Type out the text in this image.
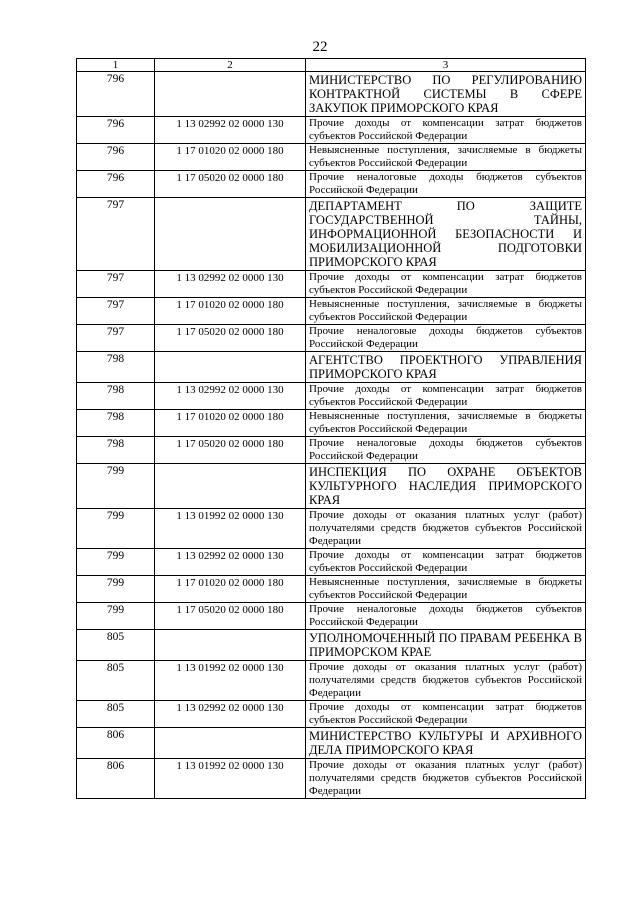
22
1	2	3
796		МИНИСТЕРСТВО ПО РЕГУЛИРОВАНИЮ КОНТРАКТНОЙ СИСТЕМЫ В СФЕРЕ ЗАКУПОК ПРИМОРСКОГО КРАЯ
796	1 13 02992 02 0000 130	Прочие доходы от компенсации затрат бюджетов субъектов Российской Федерации
796	1 17 01020 02 0000 180	Невыясненные поступления, зачисляемые в бюджеты субъектов Российской Федерации
796	1 17 05020 02 0000 180	Прочие неналоговые доходы бюджетов субъектов Российской Федерации
797		ДЕПАРТАМЕНТ ПО ЗАЩИТЕ ГОСУДАРСТВЕННОЙ ТАЙНЫ, ИНФОРМАЦИОННОЙ БЕЗОПАСНОСТИ И МОБИЛИЗАЦИОННОЙ ПОДГОТОВКИ ПРИМОРСКОГО КРАЯ
797	1 13 02992 02 0000 130	Прочие доходы от компенсации затрат бюджетов субъектов Российской Федерации
797	1 17 01020 02 0000 180	Невыясненные поступления, зачисляемые в бюджеты субъектов Российской Федерации
797	1 17 05020 02 0000 180	Прочие неналоговые доходы бюджетов субъектов Российской Федерации
798		АГЕНТСТВО ПРОЕКТНОГО УПРАВЛЕНИЯ ПРИМОРСКОГО КРАЯ
798	1 13 02992 02 0000 130	Прочие доходы от компенсации затрат бюджетов субъектов Российской Федерации
798	1 17 01020 02 0000 180	Невыясненные поступления, зачисляемые в бюджеты субъектов Российской Федерации
798	1 17 05020 02 0000 180	Прочие неналоговые доходы бюджетов субъектов Российской Федерации
799		ИНСПЕКЦИЯ ПО ОХРАНЕ ОБЪЕКТОВ КУЛЬТУРНОГО НАСЛЕДИЯ ПРИМОРСКОГО КРАЯ
799	1 13 01992 02 0000 130	Прочие доходы от оказания платных услуг (работ) получателями средств бюджетов субъектов Российской Федерации
799	1 13 02992 02 0000 130	Прочие доходы от компенсации затрат бюджетов субъектов Российской Федерации
799	1 17 01020 02 0000 180	Невыясненные поступления, зачисляемые в бюджеты субъектов Российской Федерации
799	1 17 05020 02 0000 180	Прочие неналоговые доходы бюджетов субъектов Российской Федерации
805		УПОЛНОМОЧЕННЫЙ ПО ПРАВАМ РЕБЕНКА В ПРИМОРСКОМ КРАЕ
805	1 13 01992 02 0000 130	Прочие доходы от оказания платных услуг (работ) получателями средств бюджетов субъектов Российской Федерации
805	1 13 02992 02 0000 130	Прочие доходы от компенсации затрат бюджетов субъектов Российской Федерации
806		МИНИСТЕРСТВО КУЛЬТУРЫ И АРХИВНОГО ДЕЛА ПРИМОРСКОГО КРАЯ
806	1 13 01992 02 0000 130	Прочие доходы от оказания платных услуг (работ) получателями средств бюджетов субъектов Российской Федерации
